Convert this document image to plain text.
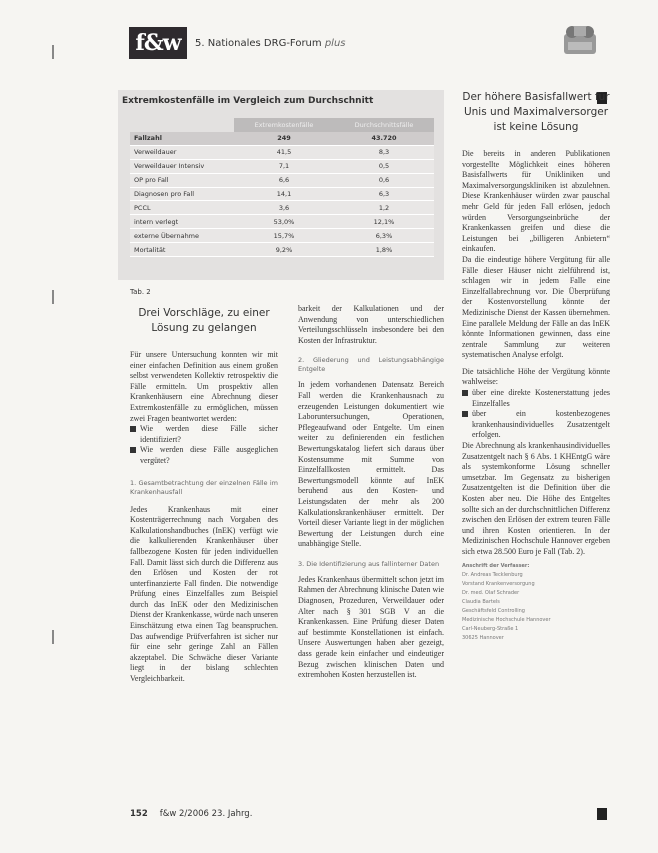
f&w	5. Nationales DRG-Forum plus
Extremkostenfälle im Vergleich zum Durchschnitt
	Extremkostenfälle	Durchschnittsfälle
Fallzahl	249	43.720
Verweildauer	41,5	8,3
Verweildauer Intensiv	7,1	0,5
OP pro Fall	6,6	0,6
Diagnosen pro Fall	14,1	6,3
PCCL	3,6	1,2
intern verlegt	53,0%	12,1%
externe Übernahme	15,7%	6,3%
Mortalität	9,2%	1,8%
Tab. 2
Drei Vorschläge, zu einer Lösung zu gelangen
Für unsere Untersuchung konnten wir mit einer einfachen Definition aus einem großen selbst verwendeten Kollektiv retrospektiv die Fälle ermitteln. Um prospektiv allen Krankenhäusern eine Abrechnung dieser Extremkostenfälle zu ermöglichen, müssen zwei Fragen beantwortet werden:
Wie werden diese Fälle sicher identifiziert?
Wie werden diese Fälle ausgeglichen vergütet?
1. Gesamtbetrachtung der einzelnen Fälle im Krankenhausfall
Jedes Krankenhaus mit einer Kostenträgerrechnung nach Vorgaben des Kalkulationshandbuches (InEK) verfügt wie die kalkulierenden Krankenhäuser über fallbezogene Kosten für jeden individuellen Fall. Damit lässt sich durch die Differenz aus den Erlösen und Kosten der rot unterfinanzierte Fall finden. Die notwendige Prüfung eines Einzelfalles zum Beispiel durch das InEK oder den Medizinischen Dienst der Krankenkasse, würde nach unseren Einschätzung etwa einen Tag beanspruchen. Das aufwendige Prüfverfahren ist sicher nur für eine sehr geringe Zahl an Fällen akzeptabel. Die Schwäche dieser Variante liegt in der bislang schlechten Vergleichbarkeit.
barkeit der Kalkulationen und der Anwendung von unterschiedlichen Verteilungsschlüsseln insbesondere bei den Kosten der Infrastruktur.
2. Gliederung und Leistungsabhängige Entgelte
In jedem vorhandenen Datensatz Bereich Fall werden die Krankenhausnach zu erzeugenden Leistungen dokumentiert wie Laboruntersuchungen, Operationen, Pflegeaufwand oder Entgelte. Um einen weiter zu definierenden ein festlichen Bewertungskatalog liefert sich daraus über Kostensumme mit Summe von Einzelfallkosten ermittelt. Das Bewertungsmodell könnte auf InEK beruhend aus den Kosten- und Leistungsdaten der mehr als 200 Kalkulationskrankenhäuser ermittelt. Der Vorteil dieser Variante liegt in der möglichen Bewertung der Leistungen durch eine unabhängige Stelle.
3. Die Identifizierung aus fallinterner Daten
Jedes Krankenhaus übermittelt schon jetzt im Rahmen der Abrechnung klinische Daten wie Diagnosen, Prozeduren, Verweildauer oder Alter nach § 301 SGB V an die Krankenkassen. Eine Prüfung dieser Daten auf bestimmte Konstellationen ist einfach. Unsere Auswertungen haben aber gezeigt, dass gerade kein einfacher und eindeutiger Bezug zwischen klinischen Daten und extremhohen Kosten herzustellen ist.
Der höhere Basisfallwert für Unis und Maximalversorger ist keine Lösung
Die bereits in anderen Publikationen vorgestellte Möglichkeit eines höheren Basisfallwerts für Unikliniken und Maximalversorgungskliniken ist abzulehnen. Diese Krankenhäuser würden zwar pauschal mehr Geld für jeden Fall erlösen, jedoch würden Versorgungseinbrüche der Krankenkassen greifen und diese die Leistungen bei „billigeren Anbietern“ einkaufen.
Da die eindeutige höhere Vergütung für alle Fälle dieser Häuser nicht zielführend ist, schlagen wir in jedem Falle eine Einzelfallabrechnung vor. Die Überprüfung der Kostenvorstellung könnte der Medizinische Dienst der Kassen übernehmen. Eine parallele Meldung der Fälle an das InEK könnte Informationen gewinnen, dass eine zentrale Sammlung zur weiteren systematischen Analyse erfolgt.
Die tatsächliche Höhe der Vergütung könnte wahlweise:
über eine direkte Kostenerstattung jedes Einzelfalles
über ein kostenbezogenes krankenhausindividuelles Zusatzentgelt erfolgen.
Die Abrechnung als krankenhausindividuelles Zusatzentgelt nach § 6 Abs. 1 KHEntgG wäre als systemkonforme Lösung schneller umsetzbar. Im Gegensatz zu bisherigen Zusatzentgelten ist die Definition über die Kosten aber neu. Die Höhe des Entgeltes sollte sich an der durchschnittlichen Differenz zwischen den Erlösen der extrem teuren Fälle und ihren Kosten orientieren. In der Medizinischen Hochschule Hannover ergeben sich etwa 28.500 Euro je Fall (Tab. 2).
Anschrift der Verfasser:
Dr. Andreas Tecklenburg
Vorstand Krankenversorgung
Dr. med. Olaf Schrader
Claudia Bartels
Geschäftsfeld Controlling
Medizinische Hochschule Hannover
Carl-Neuberg-Straße 1
30625 Hannover
152 f&w 2/2006 23. Jahrg.
